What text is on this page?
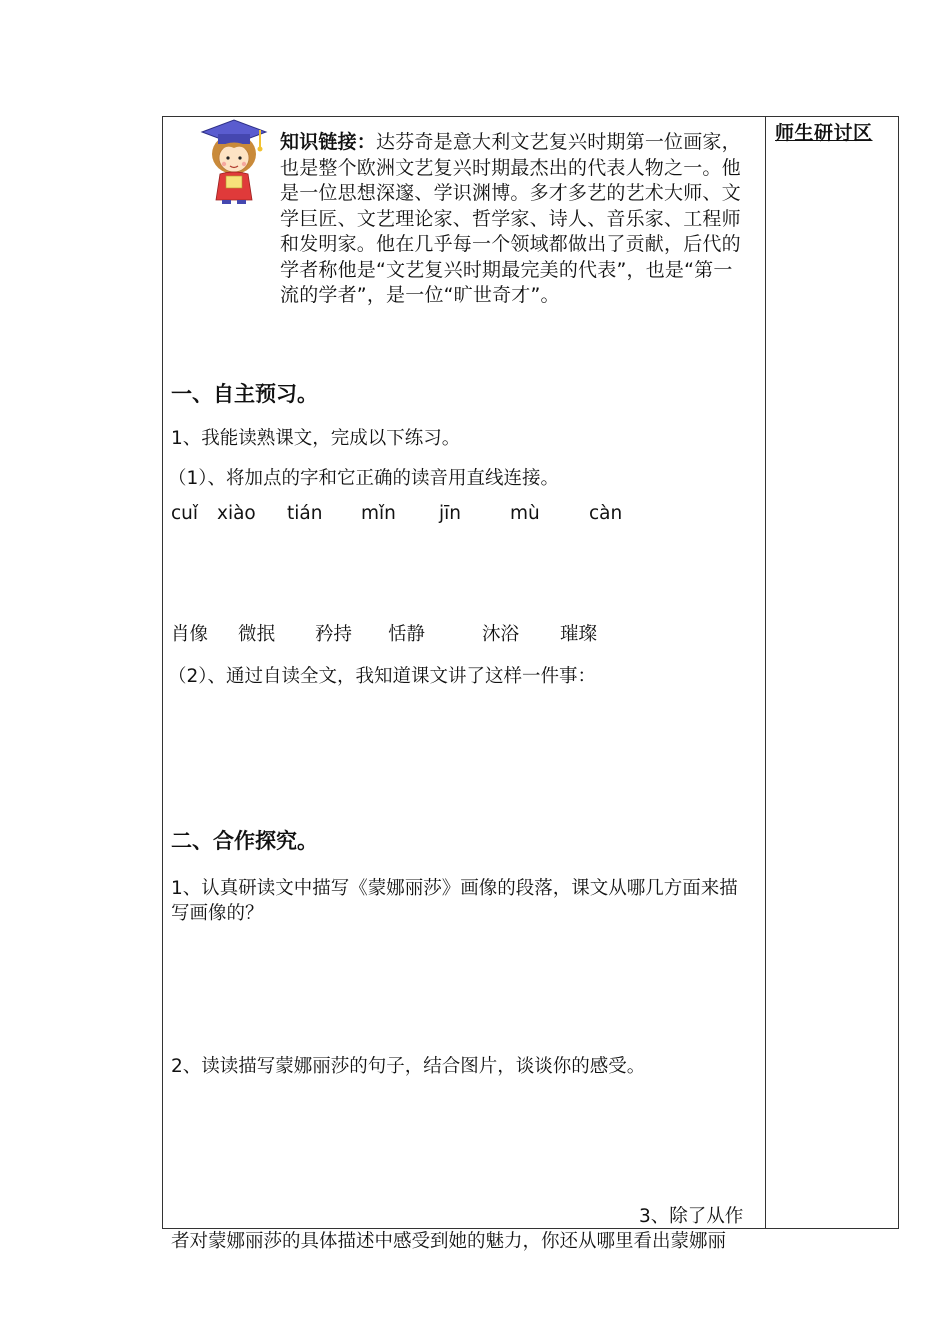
师生研讨区
知识链接：达芬奇是意大利文艺复兴时期第一位画家，也是整个欧洲文艺复兴时期最杰出的代表人物之一。他是一位思想深邃、学识渊博。多才多艺的艺术大师、文学巨匠、文艺理论家、哲学家、诗人、音乐家、工程师和发明家。他在几乎每一个领域都做出了贡献，后代的学者称他是“文艺复兴时期最完美的代表”，也是“第一流的学者”，是一位“旷世奇才”。
一、自主预习。
1、我能读熟课文，完成以下练习。
（1）、将加点的字和它正确的读音用直线连接。
cuǐ xiào tián mǐn jīn	mù	càn
肖像 微抿 矜持 恬静	沐浴 璀璨
（2）、通过自读全文，我知道课文讲了这样一件事：
二、合作探究。
1、认真研读文中描写《蒙娜丽莎》画像的段落，课文从哪几方面来描写画像的？
2、读读描写蒙娜丽莎的句子，结合图片，谈谈你的感受。
3、除了从作
者对蒙娜丽莎的具体描述中感受到她的魅力，你还从哪里看出蒙娜丽
